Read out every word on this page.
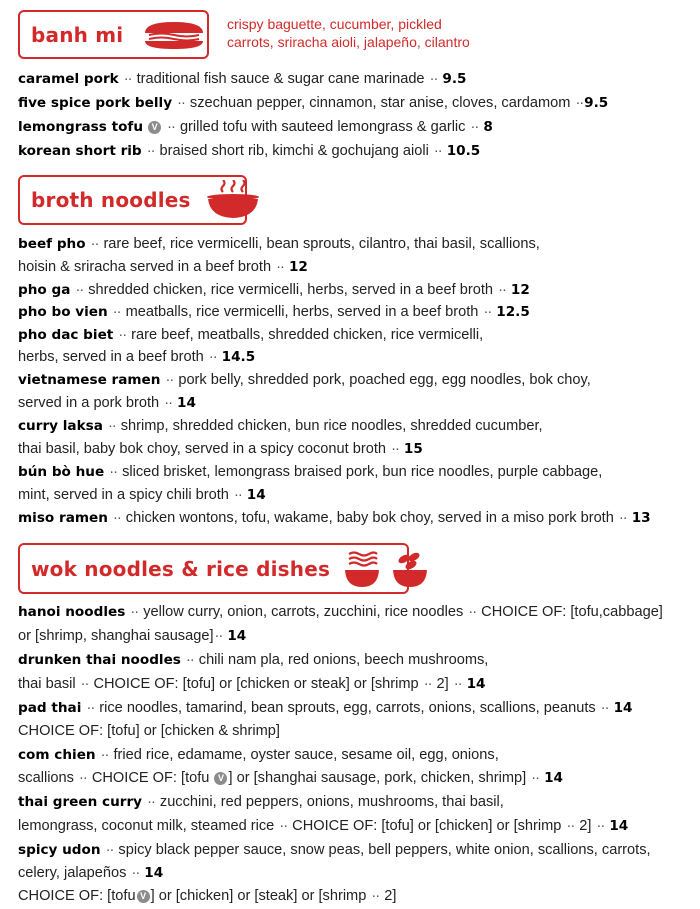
banh mi	crispy baguette, cucumber, pickled
carrots, sriracha aioli, jalapeño, cilantro
caramel pork ·· traditional fish sauce & sugar cane marinade ·· 9.5
five spice pork belly ·· szechuan pepper, cinnamon, star anise, cloves, cardamom ··9.5
lemongrass tofu V ·· grilled tofu with sauteed lemongrass & garlic ·· 8
korean short rib ·· braised short rib, kimchi & gochujang aioli ·· 10.5
broth noodles
beef pho ·· rare beef, rice vermicelli, bean sprouts, cilantro, thai basil, scallions,
hoisin & sriracha served in a beef broth ·· 12
pho ga ·· shredded chicken, rice vermicelli, herbs, served in a beef broth ·· 12
pho bo vien ·· meatballs, rice vermicelli, herbs, served in a beef broth ·· 12.5
pho dac biet ·· rare beef, meatballs, shredded chicken, rice vermicelli,
herbs, served in a beef broth ·· 14.5
vietnamese ramen ·· pork belly, shredded pork, poached egg, egg noodles, bok choy,
served in a pork broth ·· 14
curry laksa ·· shrimp, shredded chicken, bun rice noodles, shredded cucumber,
thai basil, baby bok choy, served in a spicy coconut broth ·· 15
bún bò hue ·· sliced brisket, lemongrass braised pork, bun rice noodles, purple cabbage,
mint, served in a spicy chili broth ·· 14
miso ramen ·· chicken wontons, tofu, wakame, baby bok choy, served in a miso pork broth ·· 13
wok noodles & rice dishes
hanoi noodles ·· yellow curry, onion, carrots, zucchini, rice noodles ·· CHOICE OF: [tofu,cabbage]
or [shrimp, shanghai sausage]·· 14
drunken thai noodles ·· chili nam pla, red onions, beech mushrooms,
thai basil ·· CHOICE OF: [tofu] or [chicken or steak] or [shrimp ·· 2] ·· 14
pad thai ·· rice noodles, tamarind, bean sprouts, egg, carrots, onions, scallions, peanuts ·· 14
CHOICE OF: [tofu] or [chicken & shrimp]
com chien ·· fried rice, edamame, oyster sauce, sesame oil, egg, onions,
scallions ·· CHOICE OF: [tofu V ] or [shanghai sausage, pork, chicken, shrimp] ·· 14
thai green curry ·· zucchini, red peppers, onions, mushrooms, thai basil,
lemongrass, coconut milk, steamed rice ·· CHOICE OF: [tofu] or [chicken] or [shrimp ·· 2] ·· 14
spicy udon ·· spicy black pepper sauce, snow peas, bell peppers, white onion, scallions, carrots,
celery, jalapeños ·· 14
CHOICE OF: [tofu V ] or [chicken] or [steak] or [shrimp ·· 2]
